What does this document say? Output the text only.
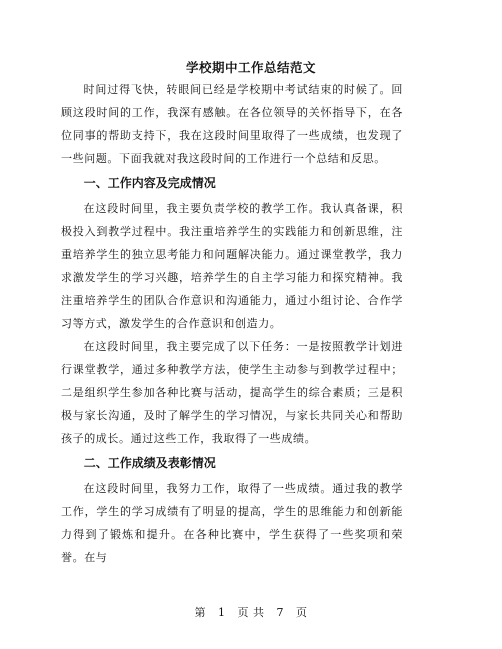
学校期中工作总结范文

时间过得飞快，转眼间已经是学校期中考试结束的时候了。回顾这段时间的工作，我深有感触。在各位领导的关怀指导下，在各位同事的帮助支持下，我在这段时间里取得了一些成绩，也发现了一些问题。下面我就对我这段时间的工作进行一个总结和反思。

一、工作内容及完成情况

在这段时间里，我主要负责学校的教学工作。我认真备课，积极投入到教学过程中。我注重培养学生的实践能力和创新思维，注重培养学生的独立思考能力和问题解决能力。通过课堂教学，我力求激发学生的学习兴趣，培养学生的自主学习能力和探究精神。我注重培养学生的团队合作意识和沟通能力，通过小组讨论、合作学习等方式，激发学生的合作意识和创造力。

在这段时间里，我主要完成了以下任务：一是按照教学计划进行课堂教学，通过多种教学方法，使学生主动参与到教学过程中；二是组织学生参加各种比赛与活动，提高学生的综合素质；三是积极与家长沟通，及时了解学生的学习情况，与家长共同关心和帮助孩子的成长。通过这些工作，我取得了一些成绩。

二、工作成绩及表彰情况

在这段时间里，我努力工作，取得了一些成绩。通过我的教学工作，学生的学习成绩有了明显的提高，学生的思维能力和创新能力得到了锻炼和提升。在各种比赛中，学生获得了一些奖项和荣誉。在与

第 1 页 共 7 页
